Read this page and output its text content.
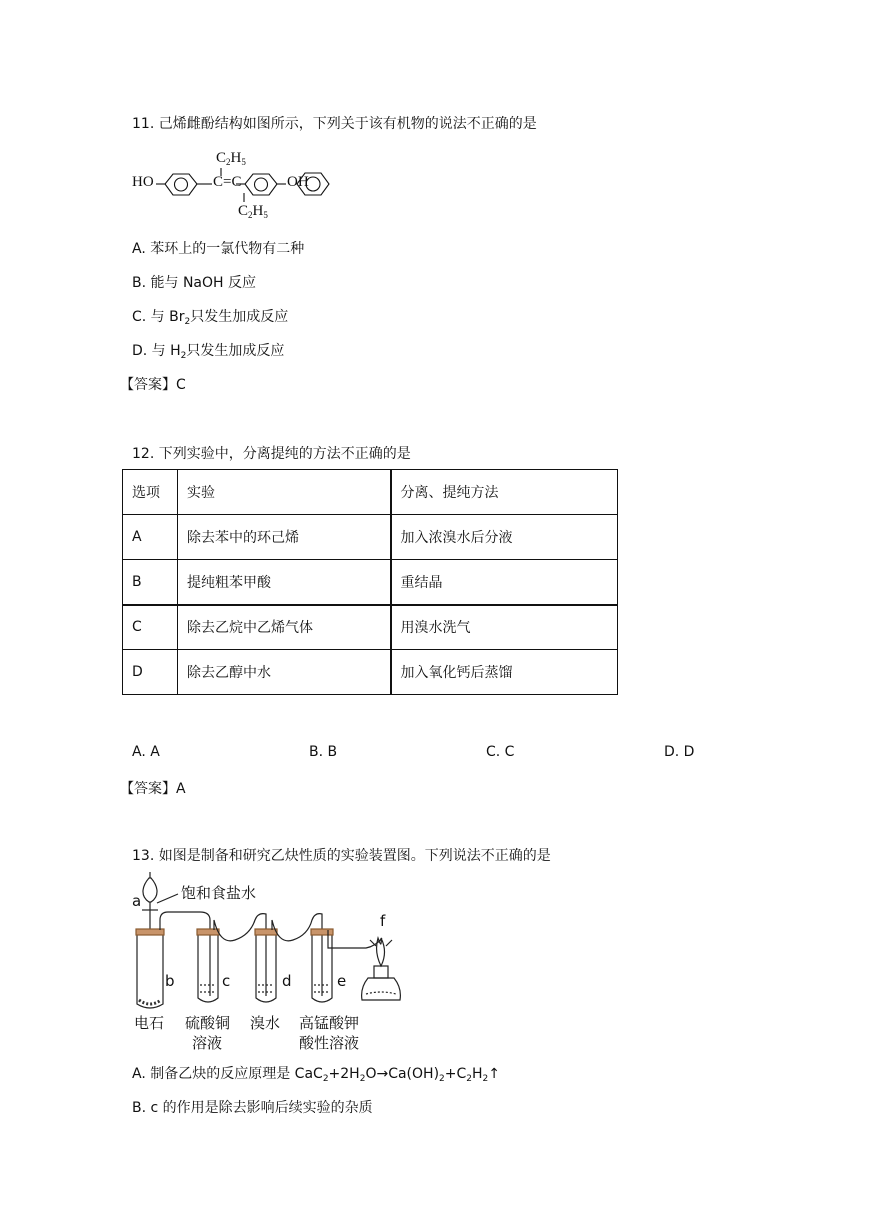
11. 己烯雌酚结构如图所示，下列关于该有机物的说法不正确的是
HO	OH
C=C
$C_2H_5$
$C_2H_5$
A. 苯环上的一氯代物有二种
B. 能与 NaOH 反应
C. 与 $Br_2$只发生加成反应
D. 与 $H_2$只发生加成反应
【答案】C
12. 下列实验中，分离提纯的方法不正确的是
选项	实验	分离、提纯方法
A	除去苯中的环己烯	加入浓溴水后分液
B	提纯粗苯甲酸	重结晶
C	除去乙烷中乙烯气体	用溴水洗气
D	除去乙醇中水	加入氧化钙后蒸馏
A. A	B. B	C. C	D. D
【答案】A
13. 如图是制备和研究乙炔性质的实验装置图。下列说法不正确的是
饱和食盐水
a
b	c	d	e
f
电石 硫酸铜
溶液
溴水 高锰酸钾
酸性溶液
A. 制备乙炔的反应原理是 $CaC_2+2H_2O\to Ca(OH)_2+C_2H_2↑$
B. c 的作用是除去影响后续实验的杂质
